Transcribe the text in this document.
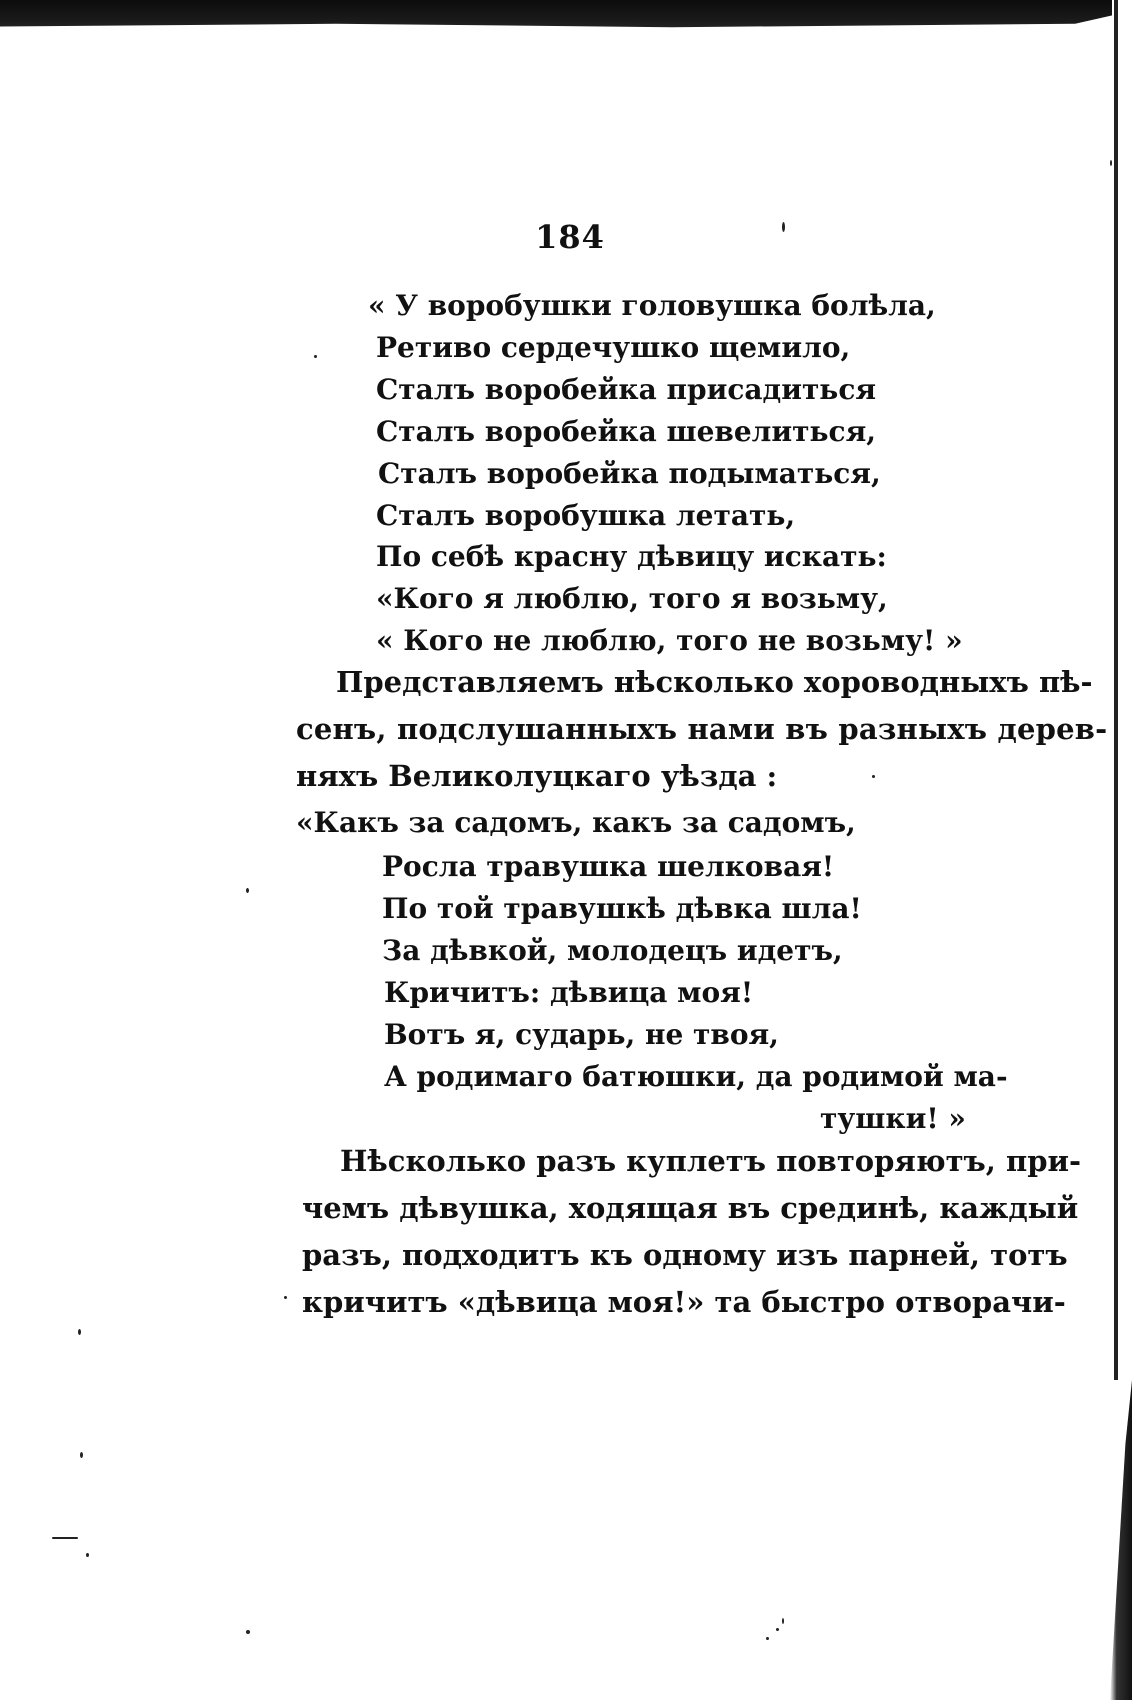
184
« У воробушки головушка болѣла,
Ретиво сердечушко щемило,
Сталъ воробейка присадиться
Сталъ воробейка шевелиться,
Сталъ воробейка подыматься,
Сталъ воробушка летать,
По себѣ красну дѣвицу искать:
«Кого я люблю, того я возьму,
« Кого не люблю, того не возьму! »
Представляемъ нѣсколько хороводныхъ пѣ-
сенъ, подслушанныхъ нами въ разныхъ дерев-
няхъ Великолуцкаго уѣзда :
«Какъ за садомъ, какъ за садомъ,
Росла травушка шелковая!
По той травушкѣ дѣвка шла!
За дѣвкой, молодецъ идетъ,
Кричитъ: дѣвица моя!
Вотъ я, сударь, не твоя,
А родимаго батюшки, да родимой ма-
тушки! »
Нѣсколько разъ куплетъ повторяютъ, при-
чемъ дѣвушка, ходящая въ срединѣ, каждый
разъ, подходитъ къ одному изъ парней, тотъ
кричитъ «дѣвица моя!» та быстро отворачи-
